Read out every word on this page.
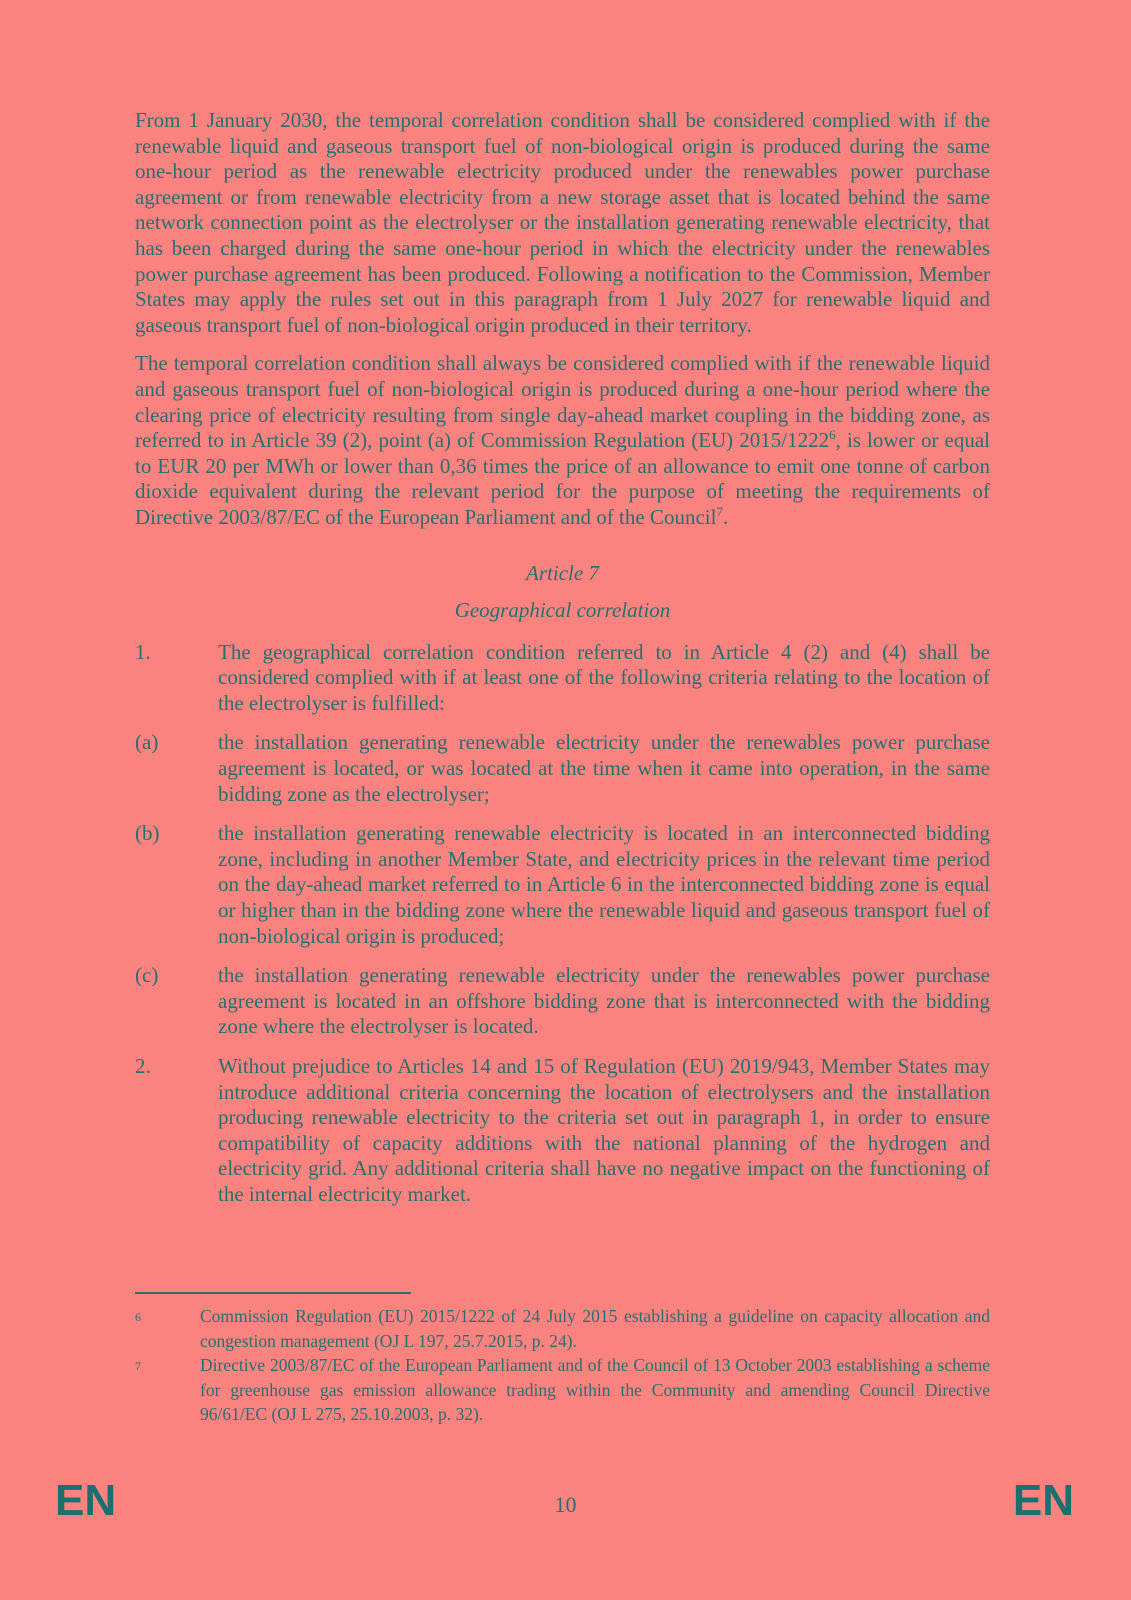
From 1 January 2030, the temporal correlation condition shall be considered complied with if the renewable liquid and gaseous transport fuel of non-biological origin is produced during the same one-hour period as the renewable electricity produced under the renewables power purchase agreement or from renewable electricity from a new storage asset that is located behind the same network connection point as the electrolyser or the installation generating renewable electricity, that has been charged during the same one-hour period in which the electricity under the renewables power purchase agreement has been produced. Following a notification to the Commission, Member States may apply the rules set out in this paragraph from 1 July 2027 for renewable liquid and gaseous transport fuel of non-biological origin produced in their territory.

The temporal correlation condition shall always be considered complied with if the renewable liquid and gaseous transport fuel of non-biological origin is produced during a one-hour period where the clearing price of electricity resulting from single day-ahead market coupling in the bidding zone, as referred to in Article 39 (2), point (a) of Commission Regulation (EU) 2015/1222$^6$, is lower or equal to EUR 20 per MWh or lower than 0,36 times the price of an allowance to emit one tonne of carbon dioxide equivalent during the relevant period for the purpose of meeting the requirements of Directive 2003/87/EC of the European Parliament and of the Council$^7$.

Article 7
Geographical correlation
1.	The geographical correlation condition referred to in Article 4 (2) and (4) shall be considered complied with if at least one of the following criteria relating to the location of the electrolyser is fulfilled:
(a)	the installation generating renewable electricity under the renewables power purchase agreement is located, or was located at the time when it came into operation, in the same bidding zone as the electrolyser;
(b)	the installation generating renewable electricity is located in an interconnected bidding zone, including in another Member State, and electricity prices in the relevant time period on the day-ahead market referred to in Article 6 in the interconnected bidding zone is equal or higher than in the bidding zone where the renewable liquid and gaseous transport fuel of non-biological origin is produced;
(c)	the installation generating renewable electricity under the renewables power purchase agreement is located in an offshore bidding zone that is interconnected with the bidding zone where the electrolyser is located.
2.	Without prejudice to Articles 14 and 15 of Regulation (EU) 2019/943, Member States may introduce additional criteria concerning the location of electrolysers and the installation producing renewable electricity to the criteria set out in paragraph 1, in order to ensure compatibility of capacity additions with the national planning of the hydrogen and electricity grid. Any additional criteria shall have no negative impact on the functioning of the internal electricity market.
6	Commission Regulation (EU) 2015/1222 of 24 July 2015 establishing a guideline on capacity allocation and congestion management (OJ L 197, 25.7.2015, p. 24).
7	Directive 2003/87/EC of the European Parliament and of the Council of 13 October 2003 establishing a scheme for greenhouse gas emission allowance trading within the Community and amending Council Directive 96/61/EC (OJ L 275, 25.10.2003, p. 32).
EN	10	EN
